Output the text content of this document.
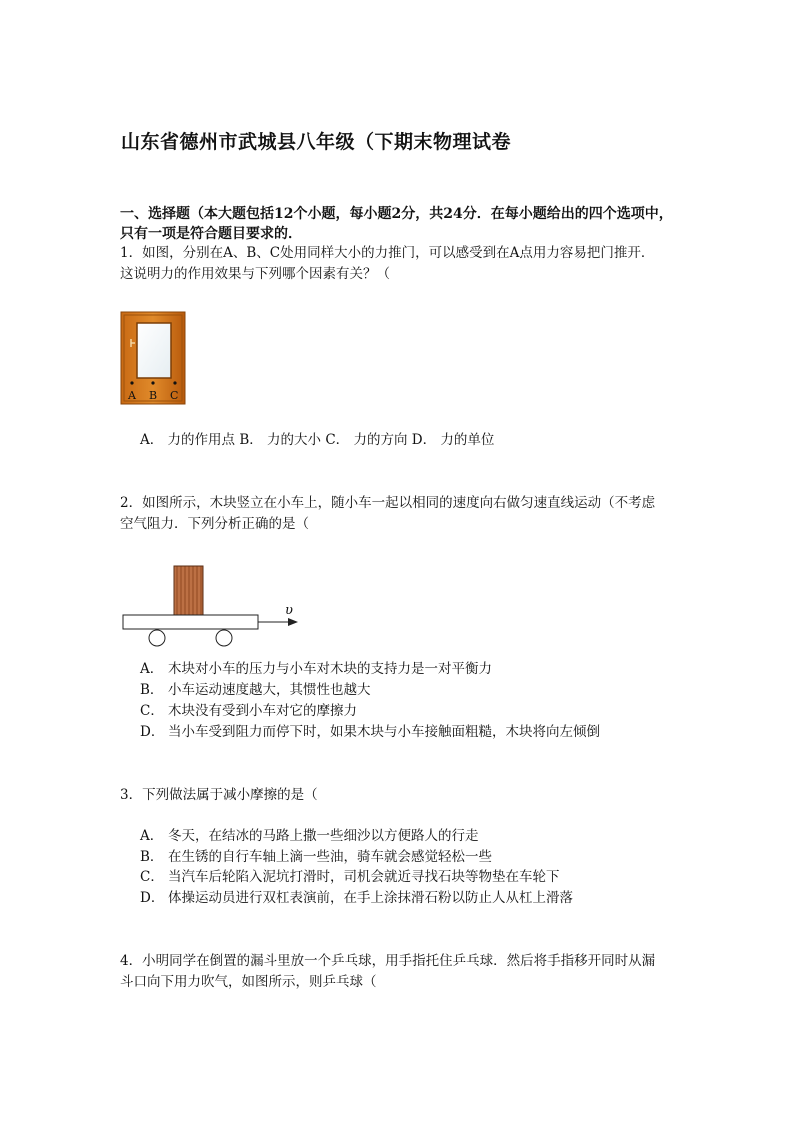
山东省德州市武城县八年级（下期末物理试卷
一、选择题（本大题包括12个小题，每小题2分，共24分．在每小题给出的四个选项中，
只有一项是符合题目要求的．
1．如图，分别在A、B、C处用同样大小的力推门，可以感受到在A点用力容易把门推开．
这说明力的作用效果与下列哪个因素有关？（
A B C
A． 力的作用点 B． 力的大小 C． 力的方向 D． 力的单位
2．如图所示，木块竖立在小车上，随小车一起以相同的速度向右做匀速直线运动（不考虑
空气阻力．下列分析正确的是（
υ
A． 木块对小车的压力与小车对木块的支持力是一对平衡力
B． 小车运动速度越大，其惯性也越大
C． 木块没有受到小车对它的摩擦力
D． 当小车受到阻力而停下时，如果木块与小车接触面粗糙，木块将向左倾倒
3．下列做法属于减小摩擦的是（
A． 冬天，在结冰的马路上撒一些细沙以方便路人的行走
B． 在生锈的自行车轴上滴一些油，骑车就会感觉轻松一些
C． 当汽车后轮陷入泥坑打滑时，司机会就近寻找石块等物垫在车轮下
D． 体操运动员进行双杠表演前，在手上涂抹滑石粉以防止人从杠上滑落
4．小明同学在倒置的漏斗里放一个乒乓球，用手指托住乒乓球．然后将手指移开同时从漏
斗口向下用力吹气，如图所示，则乒乓球（
